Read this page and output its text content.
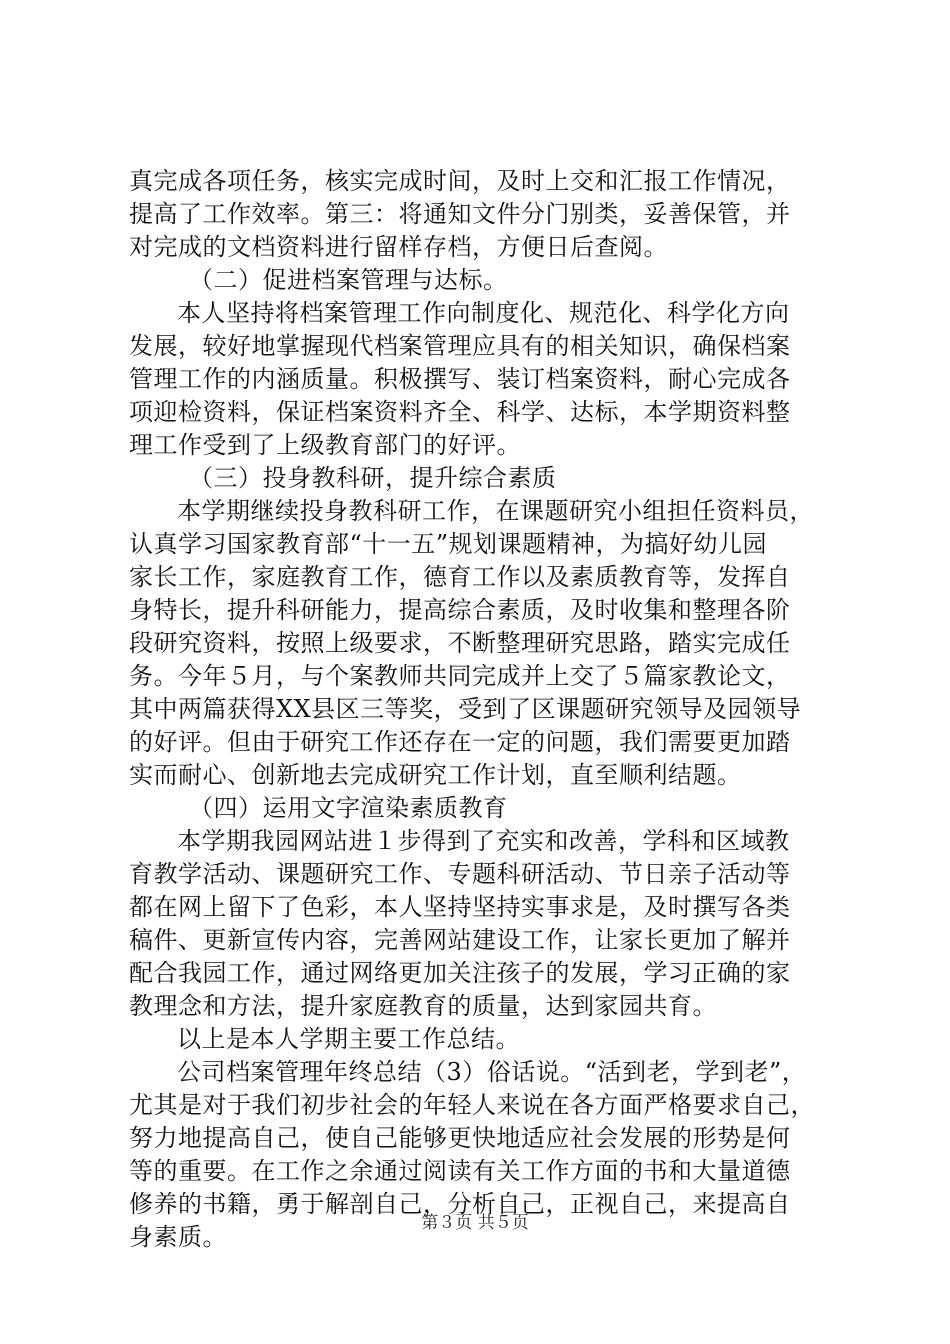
真完成各项任务，核实完成时间，及时上交和汇报工作情况，
提高了工作效率。第三：将通知文件分门别类，妥善保管，并
对完成的文档资料进行留样存档，方便日后查阅。
（二）促进档案管理与达标。
本人坚持将档案管理工作向制度化、规范化、科学化方向
发展，较好地掌握现代档案管理应具有的相关知识，确保档案
管理工作的内涵质量。积极撰写、装订档案资料，耐心完成各
项迎检资料，保证档案资料齐全、科学、达标，本学期资料整
理工作受到了上级教育部门的好评。
（三）投身教科研，提升综合素质
本学期继续投身教科研工作，在课题研究小组担任资料员，
认真学习国家教育部“十一五”规划课题精神，为搞好幼儿园
家长工作，家庭教育工作，德育工作以及素质教育等，发挥自
身特长，提升科研能力，提高综合素质，及时收集和整理各阶
段研究资料，按照上级要求，不断整理研究思路，踏实完成任
务。今年５月，与个案教师共同完成并上交了５篇家教论文，
其中两篇获得XX县区三等奖，受到了区课题研究领导及园领导
的好评。但由于研究工作还存在一定的问题，我们需要更加踏
实而耐心、创新地去完成研究工作计划，直至顺利结题。
（四）运用文字渲染素质教育
本学期我园网站进１步得到了充实和改善，学科和区域教
育教学活动、课题研究工作、专题科研活动、节日亲子活动等
都在网上留下了色彩，本人坚持坚持实事求是，及时撰写各类
稿件、更新宣传内容，完善网站建设工作，让家长更加了解并
配合我园工作，通过网络更加关注孩子的发展，学习正确的家
教理念和方法，提升家庭教育的质量，达到家园共育。
以上是本人学期主要工作总结。
公司档案管理年终总结（3）俗话说。“活到老，学到老”，
尤其是对于我们初步社会的年轻人来说在各方面严格要求自己，
努力地提高自己，使自己能够更快地适应社会发展的形势是何
等的重要。在工作之余通过阅读有关工作方面的书和大量道德
修养的书籍，勇于解剖自己，分析自己，正视自己，来提高自
身素质。	第３页 共５页
